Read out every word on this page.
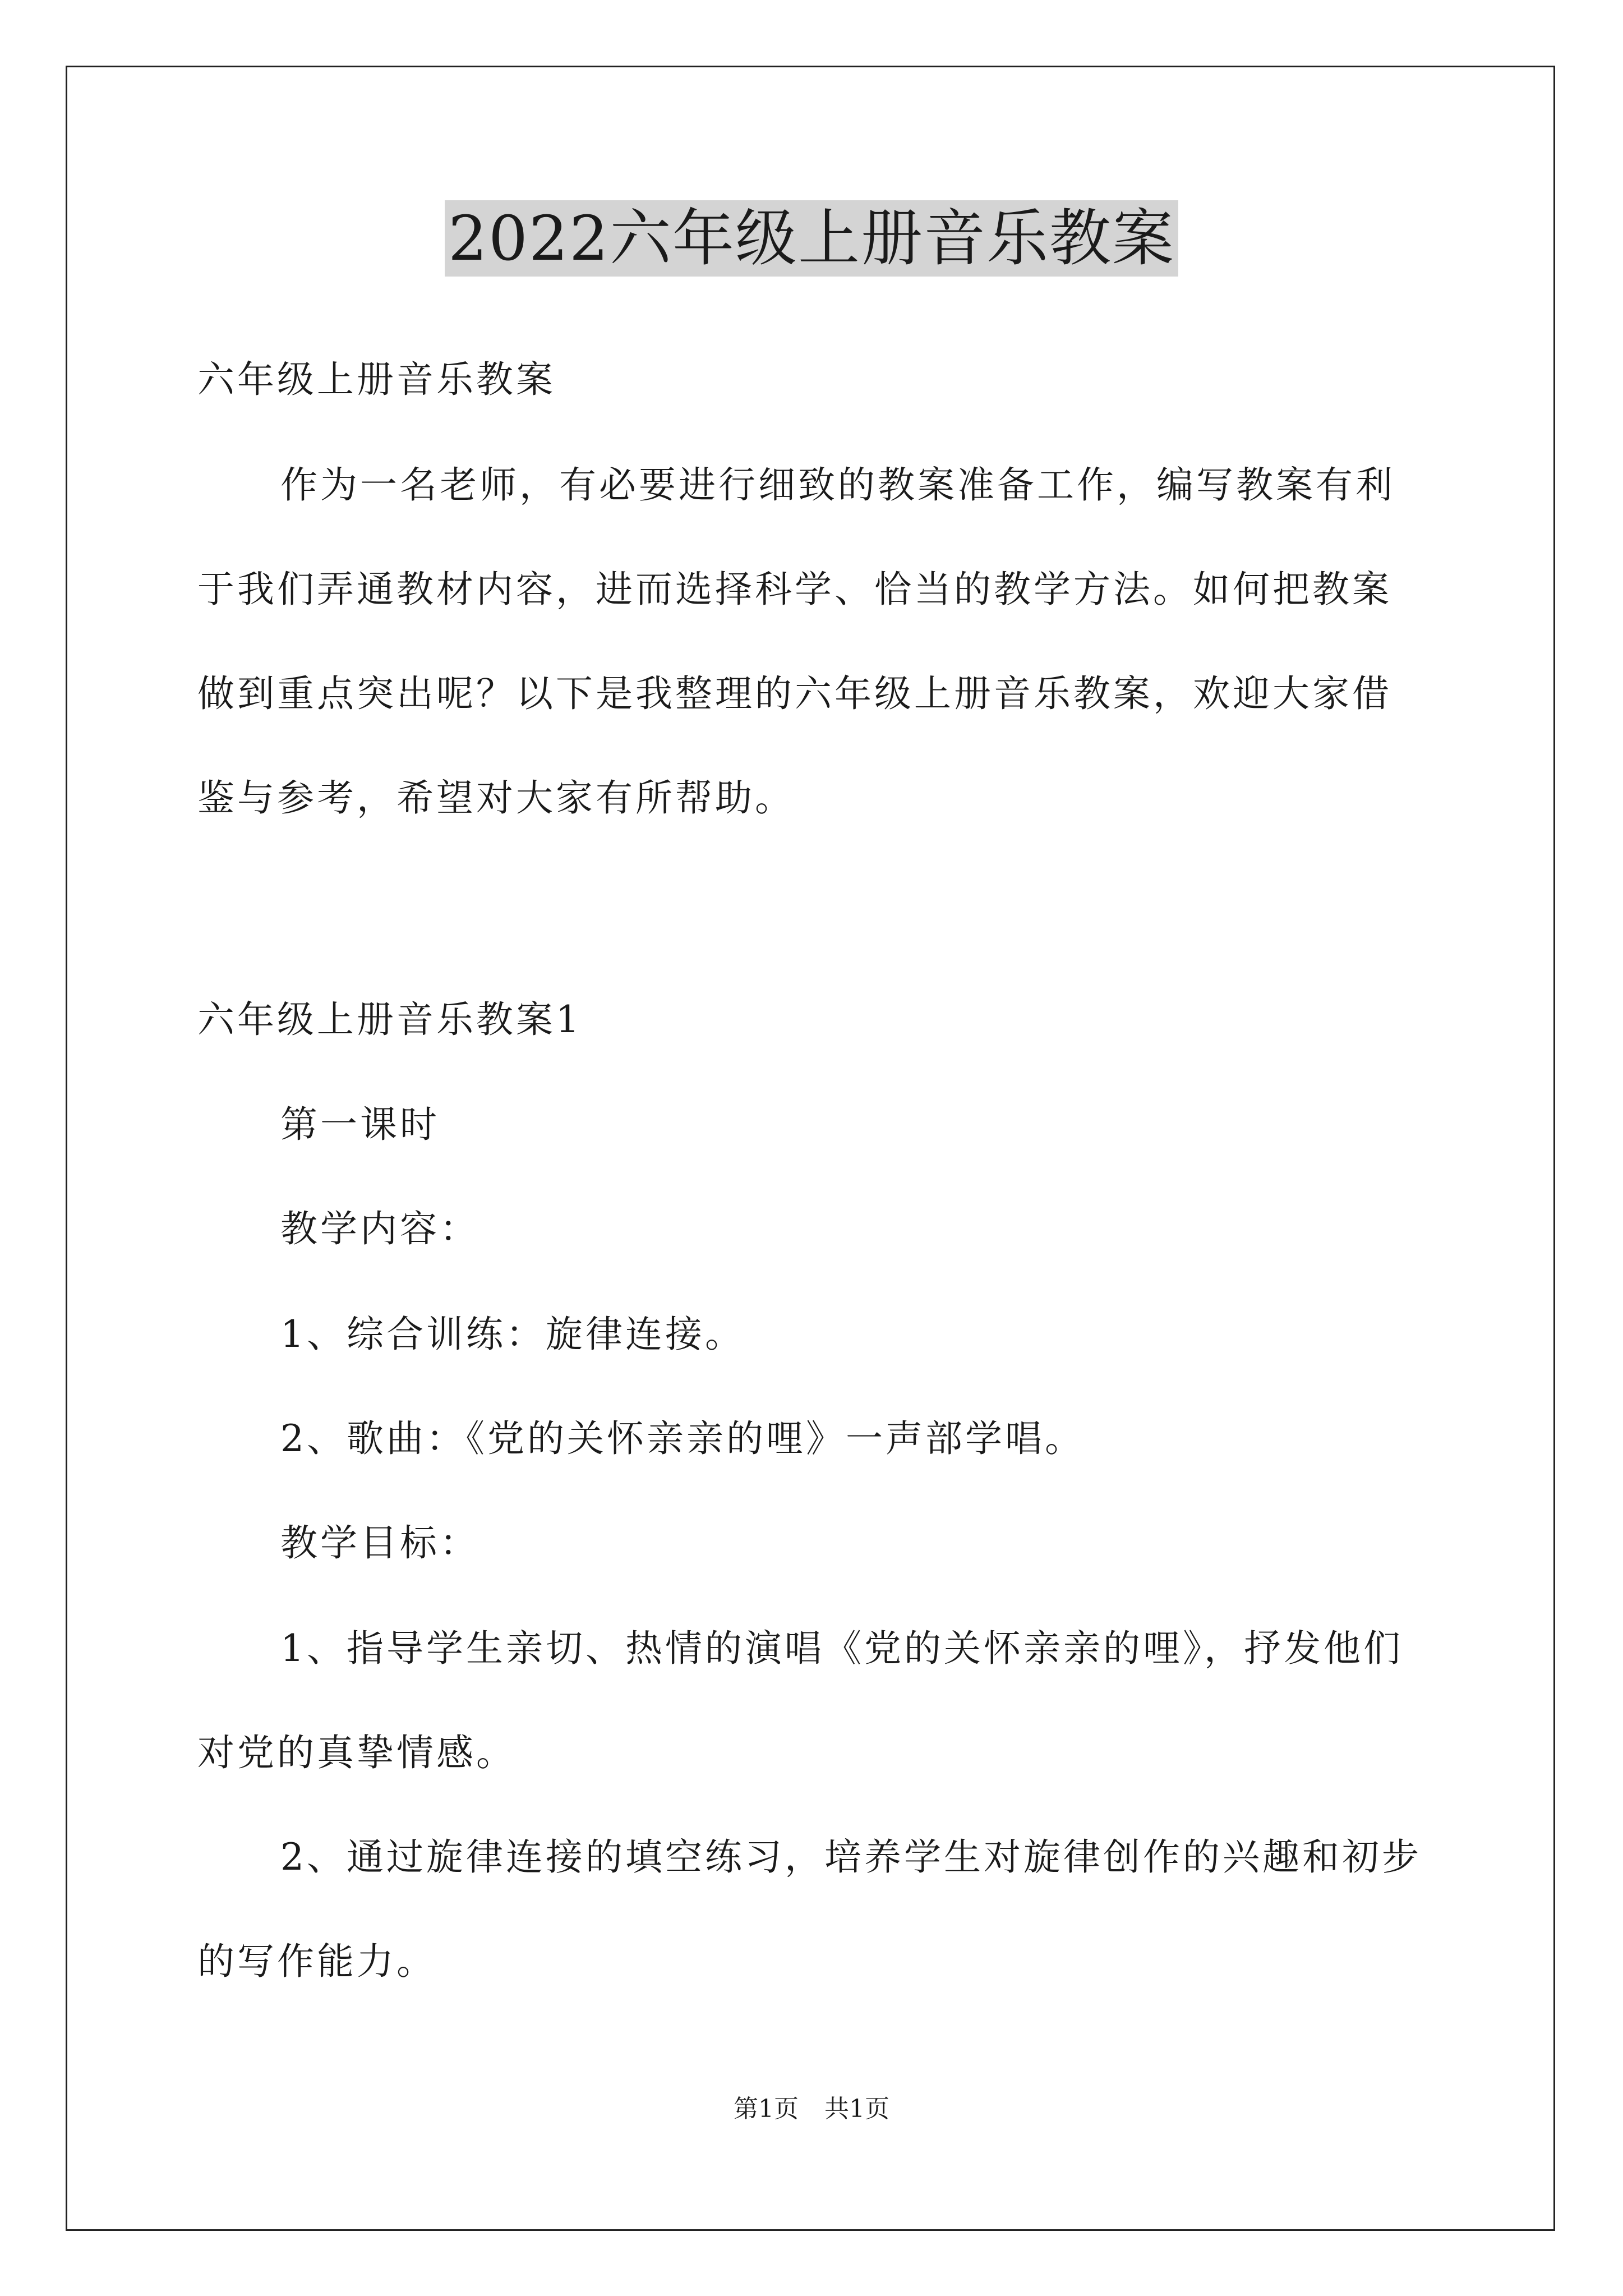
2022六年级上册音乐教案
六年级上册音乐教案
作为一名老师，有必要进行细致的教案准备工作，编写教案有利
于我们弄通教材内容，进而选择科学、恰当的教学方法。如何把教案
做到重点突出呢？以下是我整理的六年级上册音乐教案，欢迎大家借
鉴与参考，希望对大家有所帮助。
六年级上册音乐教案1
第一课时
教学内容：
1、综合训练：旋律连接。
2、歌曲：《党的关怀亲亲的哩》一声部学唱。
教学目标：
1、指导学生亲切、热情的演唱《党的关怀亲亲的哩》，抒发他们
对党的真挚情感。
2、通过旋律连接的填空练习，培养学生对旋律创作的兴趣和初步
的写作能力。
第1页 共1页
